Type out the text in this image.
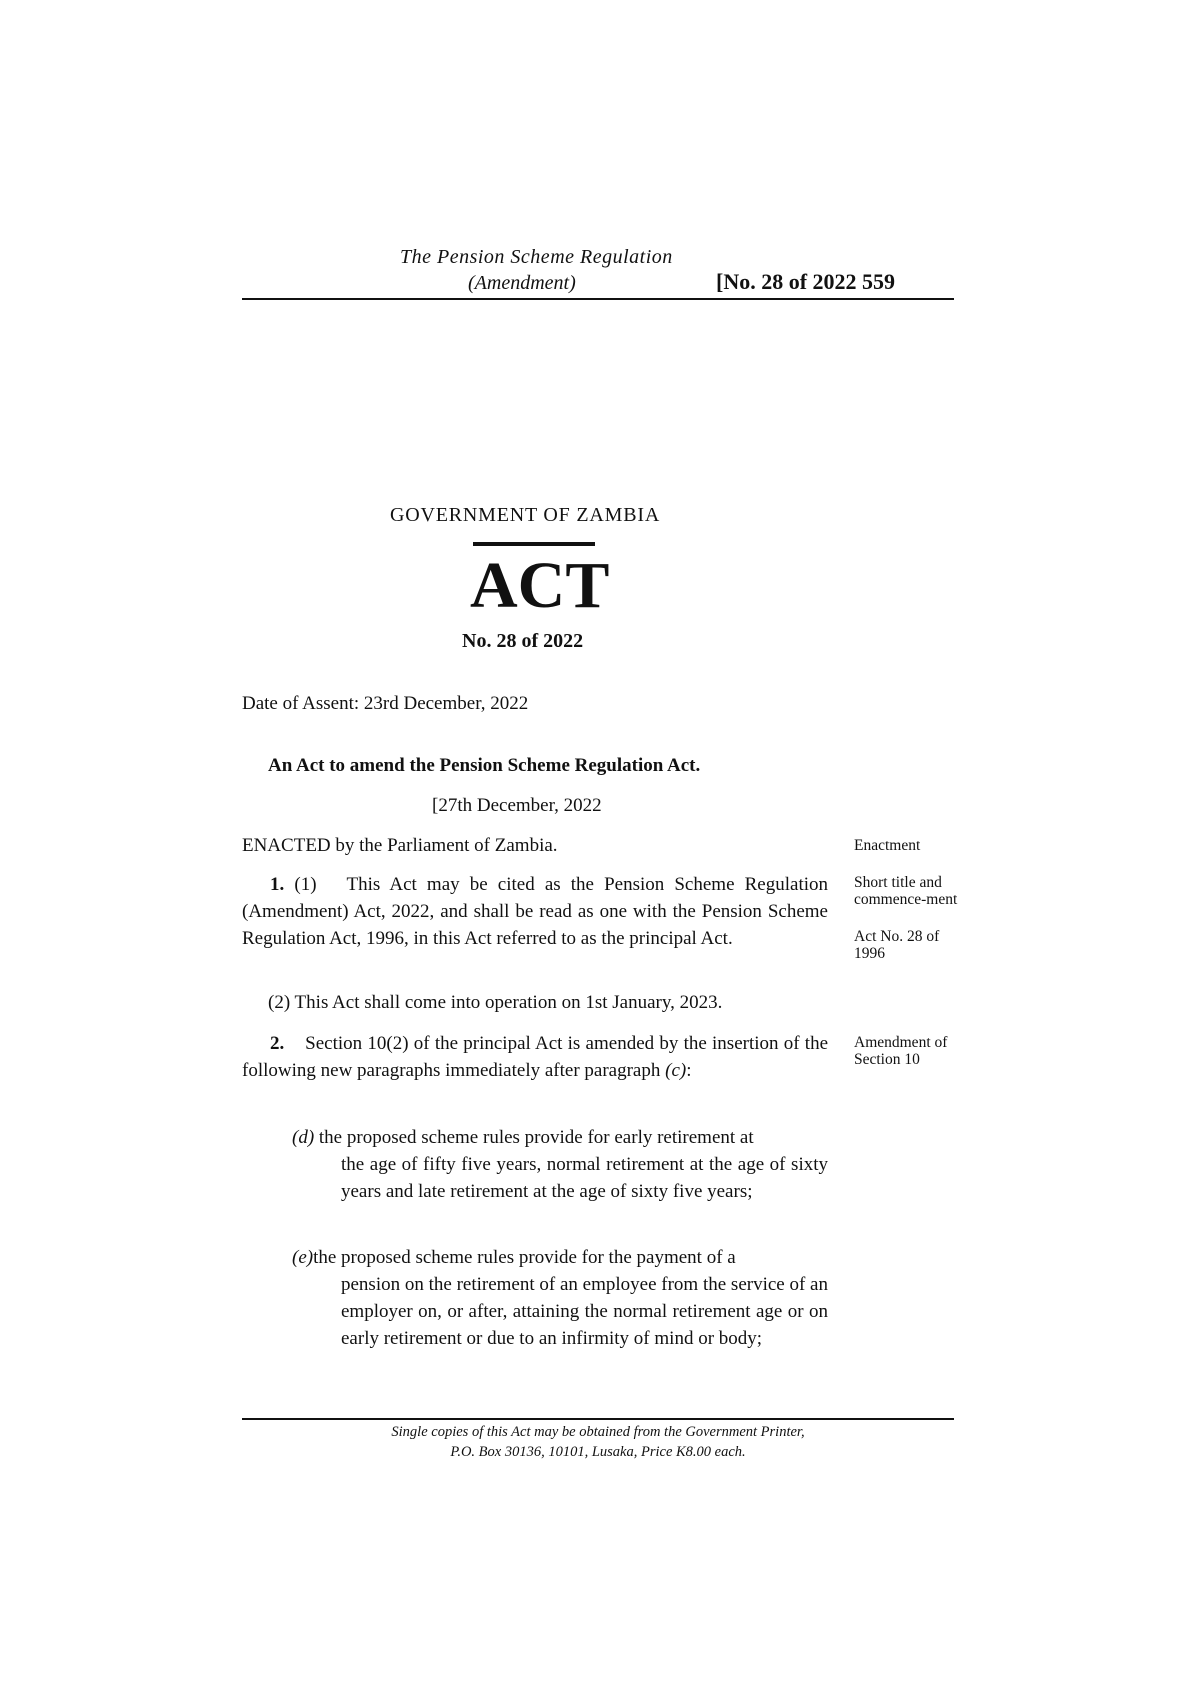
The Pension Scheme Regulation
(Amendment)	[No. 28 of 2022 559
GOVERNMENT OF ZAMBIA
ACT
No. 28 of 2022
Date of Assent: 23rd December, 2022
An Act to amend the Pension Scheme Regulation Act.
[27th December, 2022
ENACTED by the Parliament of Zambia.
1. (1) This Act may be cited as the Pension Scheme Regulation (Amendment) Act, 2022, and shall be read as one with the Pension Scheme Regulation Act, 1996, in this Act referred to as the principal Act.
(2) This Act shall come into operation on 1st January, 2023.
2. Section 10(2) of the principal Act is amended by the insertion of the following new paragraphs immediately after paragraph (c):
(d) the proposed scheme rules provide for early retirement at
the age of fifty five years, normal retirement at the age of sixty years and late retirement at the age of sixty five years;
(e)the proposed scheme rules provide for the payment of a
pension on the retirement of an employee from the service of an employer on, or after, attaining the normal retirement age or on early retirement or due to an infirmity of mind or body;
Enactment
Short title and commence-ment
Act No. 28 of 1996
Amendment of Section 10
Single copies of this Act may be obtained from the Government Printer,
P.O. Box 30136, 10101, Lusaka, Price K8.00 each.
